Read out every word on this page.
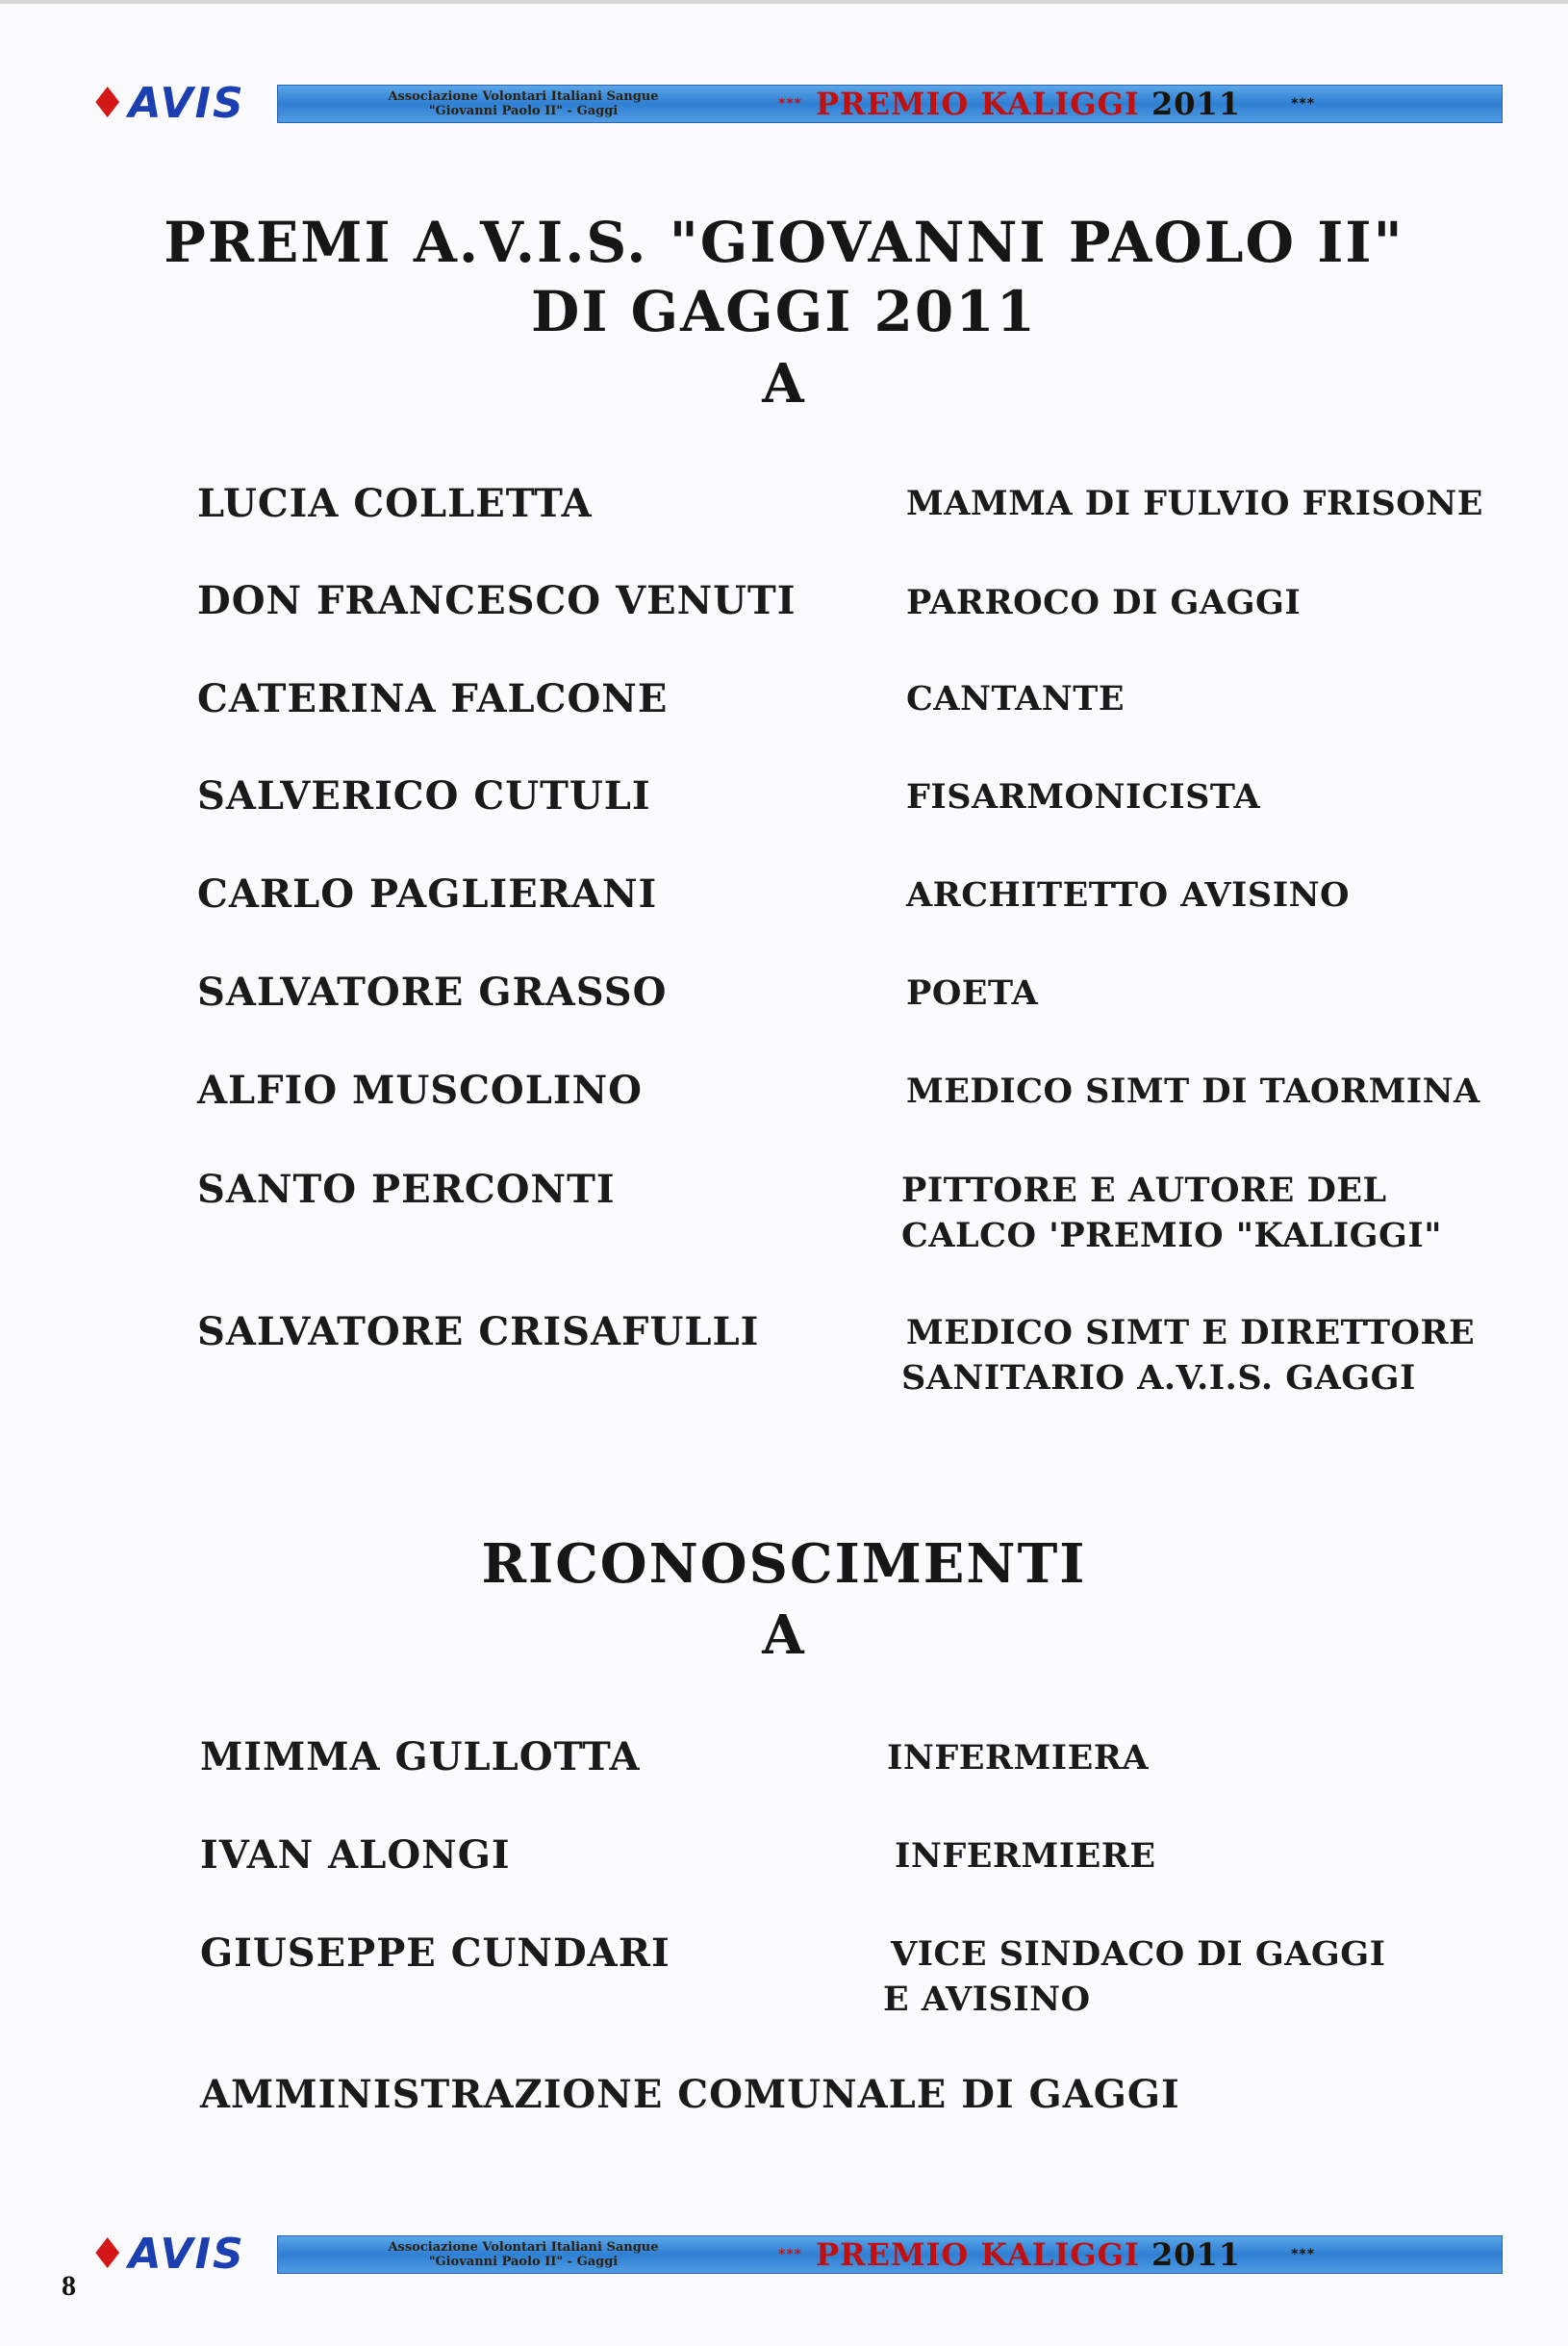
♦ AVIS	Associazione Volontari Italiani Sangue
"Giovanni Paolo II" - Gaggi	*** PREMIO KALIGGI 2011	***
PREMI A.V.I.S. "GIOVANNI PAOLO II"
DI GAGGI 2011
A
LUCIA COLLETTA	MAMMA DI FULVIO FRISONE
DON FRANCESCO VENUTI	PARROCO DI GAGGI
CATERINA FALCONE	CANTANTE
SALVERICO CUTULI	FISARMONICISTA
CARLO PAGLIERANI	ARCHITETTO AVISINO
SALVATORE GRASSO	POETA
ALFIO MUSCOLINO	MEDICO SIMT DI TAORMINA
SANTO PERCONTI	PITTORE E AUTORE DEL
CALCO 'PREMIO "KALIGGI"
SALVATORE CRISAFULLI	MEDICO SIMT E DIRETTORE
SANITARIO A.V.I.S. GAGGI
RICONOSCIMENTI
A
MIMMA GULLOTTA	INFERMIERA
IVAN ALONGI	INFERMIERE
GIUSEPPE CUNDARI	VICE SINDACO DI GAGGI
E AVISINO
AMMINISTRAZIONE COMUNALE DI GAGGI
♦ AVIS	Associazione Volontari Italiani Sangue
"Giovanni Paolo II" - Gaggi	*** PREMIO KALIGGI 2011	***
8
